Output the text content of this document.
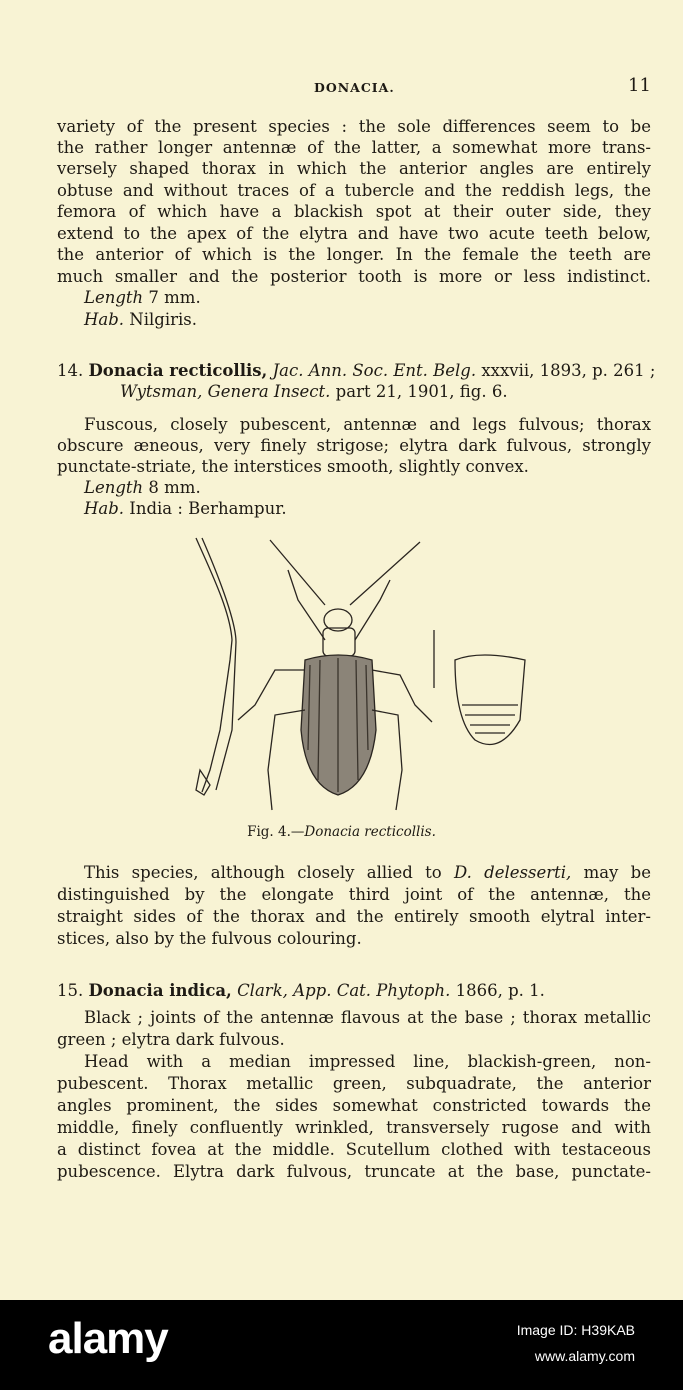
DONACIA.	11
variety of the present species : the sole differences seem to be
the rather longer antennæ of the latter, a somewhat more trans-
versely shaped thorax in which the anterior angles are entirely
obtuse and without traces of a tubercle and the reddish legs, the
femora of which have a blackish spot at their outer side, they
extend to the apex of the elytra and have two acute teeth below,
the anterior of which is the longer. In the female the teeth are
much smaller and the posterior tooth is more or less indistinct.
Length 7 mm.
Hab. Nilgiris.
14. Donacia recticollis, Jac. Ann. Soc. Ent. Belg. xxxvii, 1893, p. 261 ;
Wytsman, Genera Insect. part 21, 1901, fig. 6.
Fuscous, closely pubescent, antennæ and legs fulvous; thorax
obscure æneous, very finely strigose; elytra dark fulvous, strongly
punctate-striate, the interstices smooth, slightly convex.
Length 8 mm.
Hab. India : Berhampur.
Fig. 4.—Donacia recticollis.
This species, although closely allied to D. delesserti, may be
distinguished by the elongate third joint of the antennæ, the
straight sides of the thorax and the entirely smooth elytral inter-
stices, also by the fulvous colouring.
15. Donacia indica, Clark, App. Cat. Phytoph. 1866, p. 1.
Black ; joints of the antennæ flavous at the base ; thorax metallic
green ; elytra dark fulvous.
Head with a median impressed line, blackish-green, non-
pubescent. Thorax metallic green, subquadrate, the anterior
angles prominent, the sides somewhat constricted towards the
middle, finely confluently wrinkled, transversely rugose and with
a distinct fovea at the middle. Scutellum clothed with testaceous
pubescence. Elytra dark fulvous, truncate at the base, punctate-
alamy	Image ID: H39KAB
www.alamy.com
